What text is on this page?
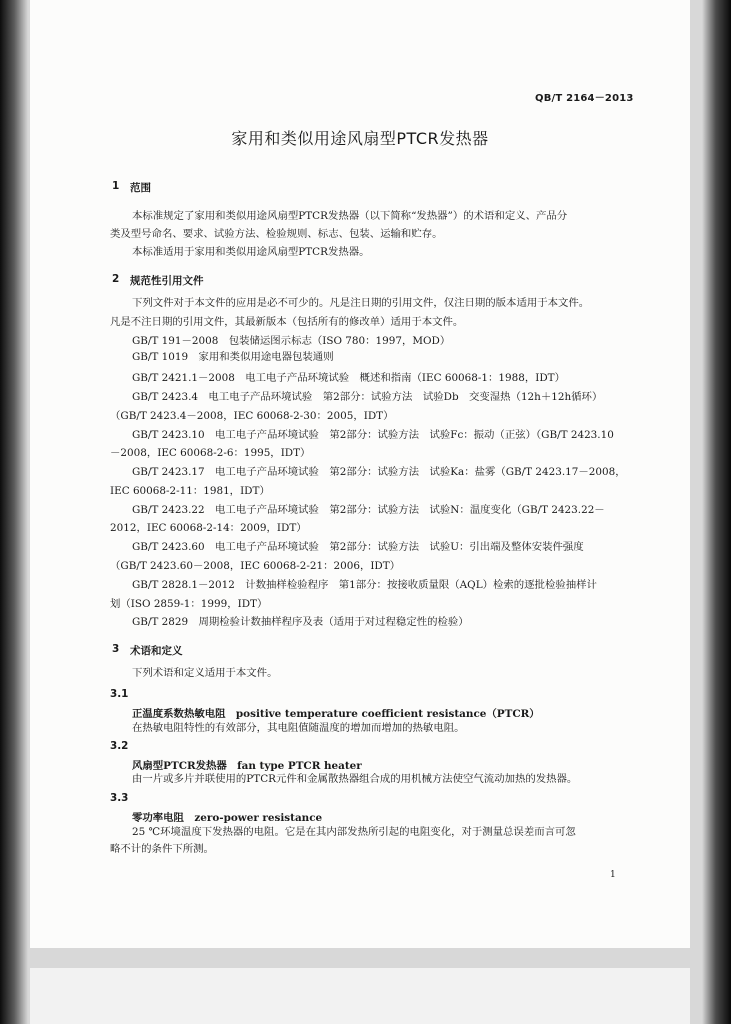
QB/T 2164－2013
家用和类似用途风扇型PTCR发热器
1 范围
本标准规定了家用和类似用途风扇型PTCR发热器（以下简称“发热器”）的术语和定义、产品分
类及型号命名、要求、试验方法、检验规则、标志、包装、运输和贮存。
本标准适用于家用和类似用途风扇型PTCR发热器。
2 规范性引用文件
下列文件对于本文件的应用是必不可少的。凡是注日期的引用文件，仅注日期的版本适用于本文件。
凡是不注日期的引用文件，其最新版本（包括所有的修改单）适用于本文件。
GB/T 191－2008　包装储运图示标志（ISO 780：1997，MOD）
GB/T 1019　家用和类似用途电器包装通则
GB/T 2421.1－2008　电工电子产品环境试验　概述和指南（IEC 60068-1：1988，IDT）
GB/T 2423.4　电工电子产品环境试验　第2部分：试验方法　试验Db　交变湿热（12h＋12h循环）
（GB/T 2423.4－2008，IEC 60068-2-30：2005，IDT）
GB/T 2423.10　电工电子产品环境试验　第2部分：试验方法　试验Fc：振动（正弦）（GB/T 2423.10
－2008，IEC 60068-2-6：1995，IDT）
GB/T 2423.17　电工电子产品环境试验　第2部分：试验方法　试验Ka：盐雾（GB/T 2423.17－2008，
IEC 60068-2-11：1981，IDT）
GB/T 2423.22　电工电子产品环境试验　第2部分：试验方法　试验N：温度变化（GB/T 2423.22－
2012，IEC 60068-2-14：2009，IDT）
GB/T 2423.60　电工电子产品环境试验　第2部分：试验方法　试验U：引出端及整体安装件强度
（GB/T 2423.60－2008，IEC 60068-2-21：2006，IDT）
GB/T 2828.1－2012　计数抽样检验程序　第1部分：按接收质量限（AQL）检索的逐批检验抽样计
划（ISO 2859-1：1999，IDT）
GB/T 2829　周期检验计数抽样程序及表（适用于对过程稳定性的检验）
3 术语和定义
下列术语和定义适用于本文件。
3.1
正温度系数热敏电阻　positive temperature coefficient resistance（PTCR）
在热敏电阻特性的有效部分，其电阻值随温度的增加而增加的热敏电阻。
3.2
风扇型PTCR发热器　fan type PTCR heater
由一片或多片并联使用的PTCR元件和金属散热器组合成的用机械方法使空气流动加热的发热器。
3.3
零功率电阻　zero-power resistance
25 ℃环境温度下发热器的电阻。它是在其内部发热所引起的电阻变化，对于测量总误差而言可忽
略不计的条件下所测。
1
